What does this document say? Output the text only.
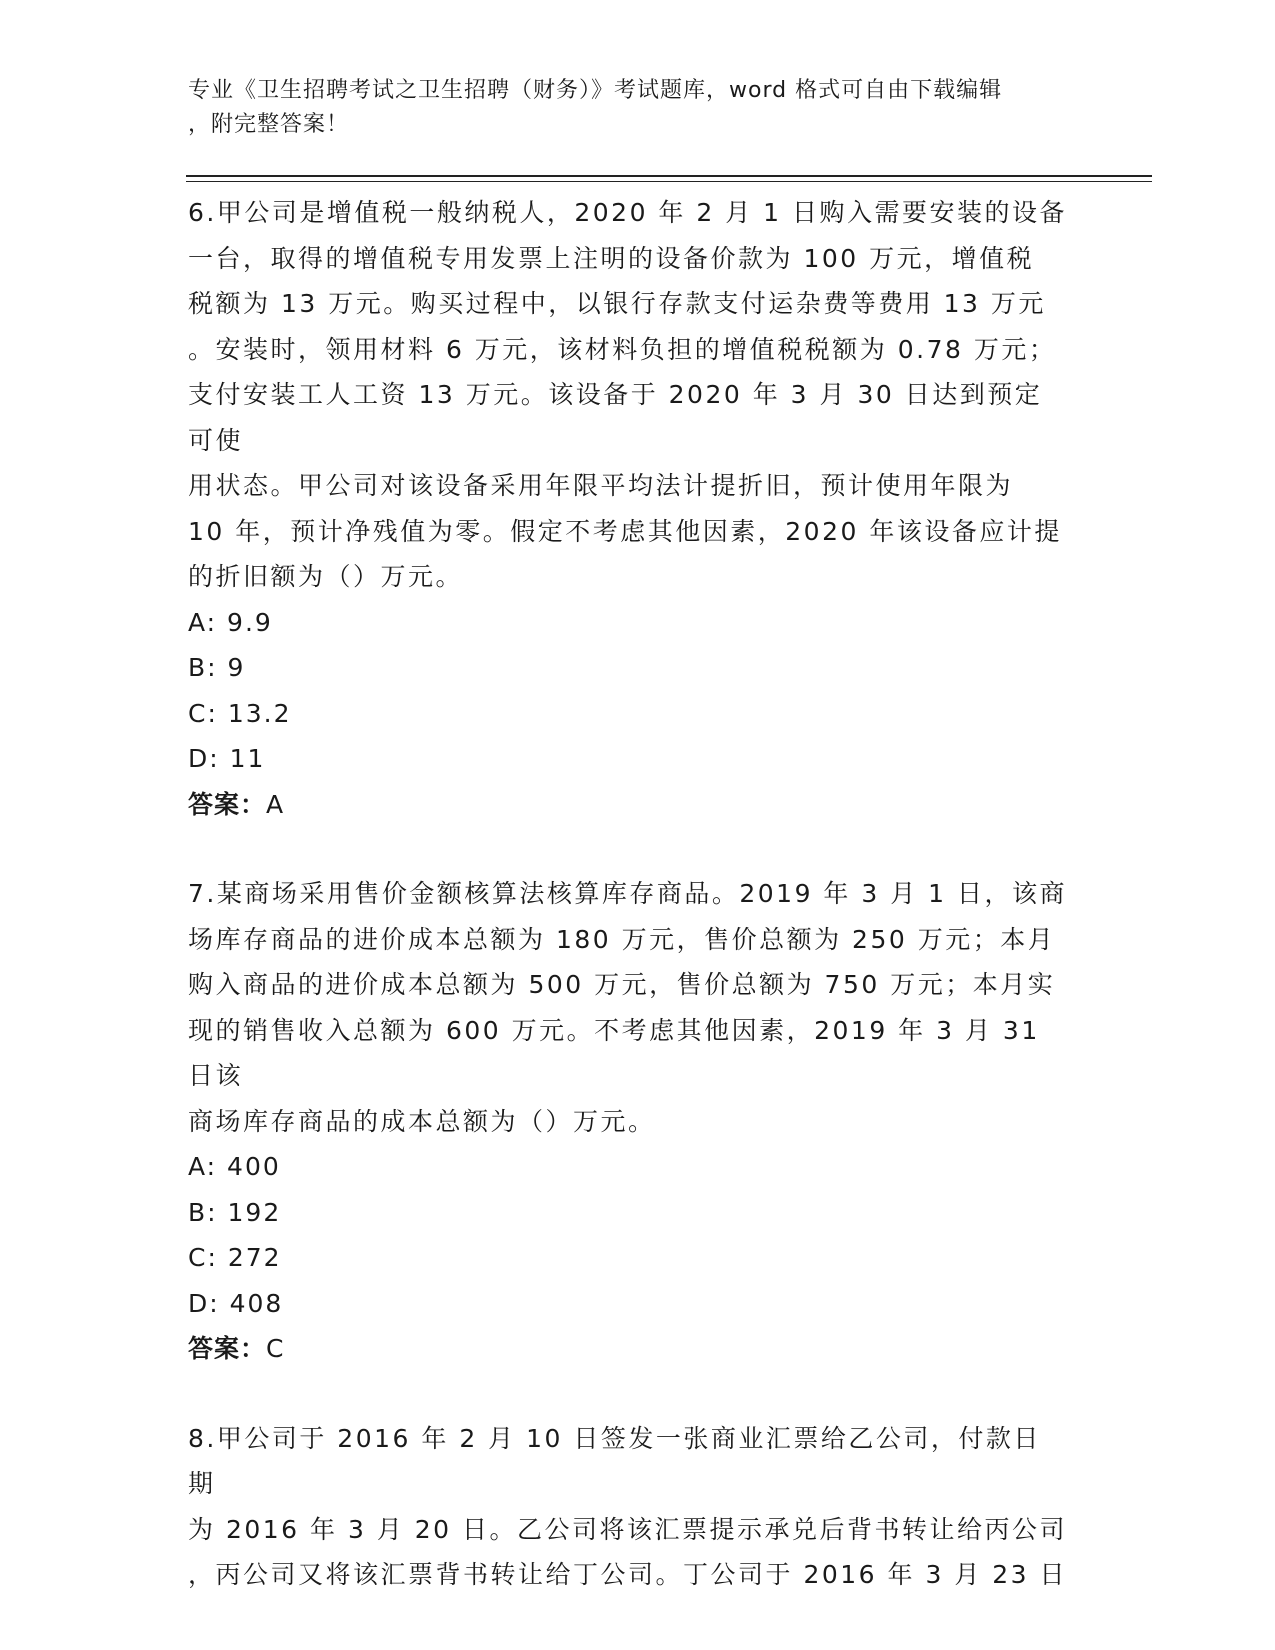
专业《卫生招聘考试之卫生招聘（财务）》考试题库，word 格式可自由下载编辑
，附完整答案！

6.甲公司是增值税一般纳税人，2020 年 2 月 1 日购入需要安装的设备

一台，取得的增值税专用发票上注明的设备价款为 100 万元，增值税

税额为 13 万元。购买过程中，以银行存款支付运杂费等费用 13 万元

。安装时，领用材料 6 万元，该材料负担的增值税税额为 0.78 万元；

支付安装工人工资 13 万元。该设备于 2020 年 3 月 30 日达到预定可使

用状态。甲公司对该设备采用年限平均法计提折旧，预计使用年限为

10 年，预计净残值为零。假定不考虑其他因素，2020 年该设备应计提

的折旧额为（）万元。

A: 9.9

B: 9

C: 13.2

D: 11

答案：A

7.某商场采用售价金额核算法核算库存商品。2019 年 3 月 1 日，该商

场库存商品的进价成本总额为 180 万元，售价总额为 250 万元；本月

购入商品的进价成本总额为 500 万元，售价总额为 750 万元；本月实

现的销售收入总额为 600 万元。不考虑其他因素，2019 年 3 月 31 日该

商场库存商品的成本总额为（）万元。

A: 400

B: 192

C: 272

D: 408

答案：C

8.甲公司于 2016 年 2 月 10 日签发一张商业汇票给乙公司，付款日期

为 2016 年 3 月 20 日。乙公司将该汇票提示承兑后背书转让给丙公司

，丙公司又将该汇票背书转让给丁公司。丁公司于 2016 年 3 月 23 日
